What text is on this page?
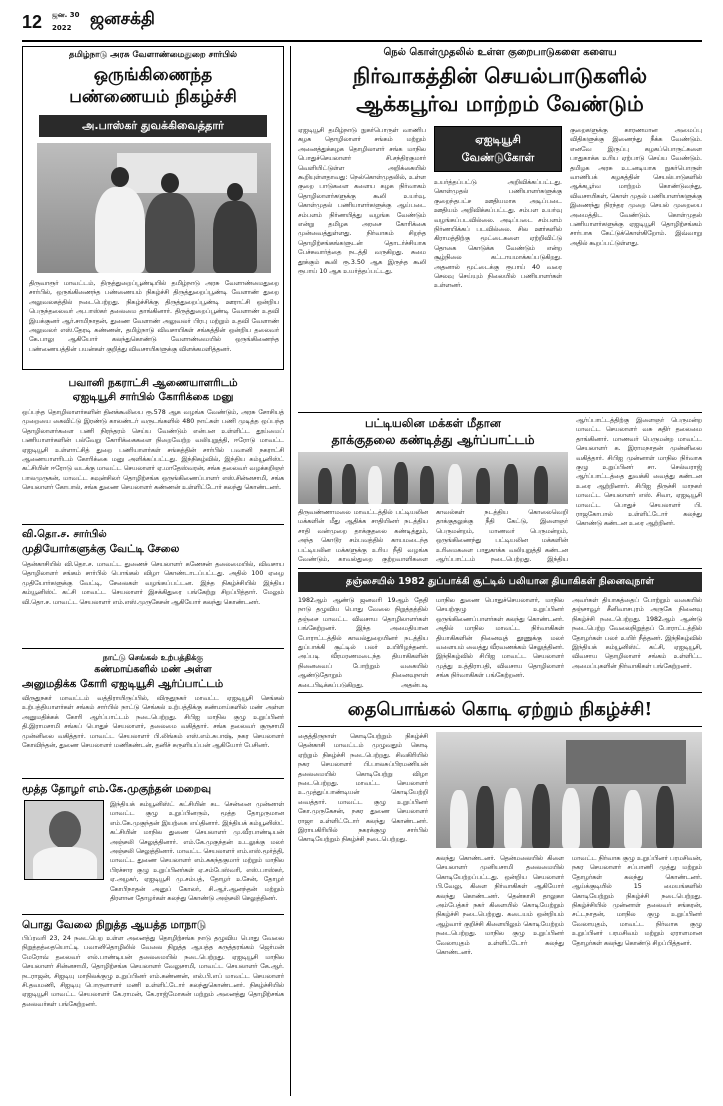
12	ஜன. 30
2022 ஜனசக்தி
தமிழ்நாடு அரசு வேளாண்மைதுறை சார்பில்
ஒருங்கிணைந்த
பண்ணையம் நிகழ்ச்சி
அ.பாஸ்கர் துவக்கிவைத்தார்
திருவாரூர் மாவட்டம், திருத்துறைப்பூண்டியில் தமிழ்நாடு அரசு வேளாண்மைதுறை சார்பில், ஒருங்கிணைந்த பண்ணையம் நிகழ்ச்சி திருத்துறைப்பூண்டி வேளாண் துறை அலுவலகத்தில் நடைபெற்றது. நிகழ்ச்சிக்கு திருத்துறைப்பூண்டி ஊராட்சி ஒன்றிய பெருந்தலைவர் அ.பாஸ்கர் தலைமை தாங்கினார். திருத்துறைப்பூண்டி வேளாண் உதவி இயக்குனர் ஆர்.சாமிநாதன், துணை வேளாண் அலுவலர் பிரபு மற்றும் உதவி வேளாண் அலுவலர் எஸ்.தேரடி கண்ணன், தமிழ்நாடு விவசாயிகள் சங்கத்தின் ஒன்றிய தலைவர் கே.பாலு ஆகியோர் கலந்துகொண்டு வேளாண்மையில் ஒருங்கிணைந்த பண்ணையத்தின் பயன்கள் குறித்து விவசாயிகளுக்கு விளக்கமளித்தனர்.
பவானி நகராட்சி ஆணையாளரிடம்
ஏஐடியூசி சார்பில் கோரிக்கை மனு
ஒப்பந்த தொழிலாளர்களின் தினக்கூலியை ரூ.578 ஆக வழங்க வேண்டும், அரசு சோசியத் முறையை கைவிட்டு இரண்டு காலண்டர் வருடங்களில் 480 நாட்கள் பணி முடித்த ஒப்பந்த தொழிலாளர்களை பணி நிரந்தரம் செய்ய வேண்டும் என்பன உள்ளிட்ட தூய்மைப் பணியாளர்களின் பல்வேறு கோரிக்கைகளை நிறைவேற்ற வலியுறுத்தி, ஈரோடு மாவட்ட ஏஐடியூசி உள்ளாட்சித் துறை பணியாளர்கள் சங்கத்தின் சார்பில் பவானி நகராட்சி ஆணையாளரிடம் கோரிக்கை மனு அளிக்கப்பட்டது. இந்நிகழ்வில், இந்திய கம்யூனிஸ்ட் கட்சியின் ஈரோடு வடக்கு மாவட்ட செயலாளர் ஏ.மாதேஸ்வரன், சங்க தலைவர் வழக்கறிஞர் பாலமுருகன், மாவட்ட கவுன்சிலர் தொழிற்சங்க ஒருங்கிணைப்பாளர் எஸ்.சின்னசாமி, சங்க செயலாளர் கோபால், சங்க துணை செயலாளர் கண்ணன் உள்ளிட்டோர் கலந்து கொண்டனர்.
வி.தொ.ச. சார்பில்
முதியோர்களுக்கு வேட்டி சேலை
தென்காசியில் வி.தொ.ச. மாவட்ட துணைச் செயலாளர் கணேசன் தலைமையில், விவசாய தொழிலாளர் சங்கம் சார்பில் பொங்கல் விழா கொண்டாடப்பட்டது. அதில் 100 ஏழை முதியோர்களுக்கு வேட்டி, சேலைகள் வழங்கப்பட்டன. இந்த நிகழ்ச்சியில் இந்திய கம்யூனிஸ்ட் கட்சி மாவட்ட செயலாளர் இசக்கிதுரை பங்கேற்று சிறப்பித்தார். மேலும் வி.தொ.ச. மாவட்ட செயலாளர் எம்.எஸ்.முருகேசன் ஆகியோர் கலந்து கொண்டனர்.
நாட்டு செங்கல் உற்பத்திக்கு
கண்மாய்களில் மண் அள்ள
அனுமதிக்க கோரி ஏஐடியூசி ஆர்ப்பாட்டம்
விருதுநகர் மாவட்டம் வத்திராயிருப்பில், விருதுநகர் மாவட்ட ஏஐடியூசி செங்கல் உற்பத்தியாளர்கள் சங்கம் சார்பில் நாட்டு செங்கல் உற்பத்திக்கு கண்மாய்களில் மண் அள்ள அனுமதிக்கக் கோரி ஆர்ப்பாட்டம் நடைபெற்றது. சிபிஐ மாநில குழு உறுப்பினர் தி.இராமசாமி சங்கப் பொதுச் செயலாளர், தலைமை வகித்தார். சங்க தலைவர் குருசாமி முன்னிலை வகித்தார். மாவட்ட செயலாளர் பி.லிங்கம் எஸ்.எம்.சுபாஷ், நகர செயலாளர் கோவிந்தன், துணை செயலாளர் மணிகண்டன், தனிச் சுருளியப்பன் ஆகியோர் பேசினர்.
மூத்த தோழர் எம்.கே.முகுந்தன் மறைவு
இந்தியக் கம்யூனிஸ்ட் கட்சியின் கட சென்னை முன்னாள் மாவட்ட குழு உறுப்பினரும், மூத்த தோழருமான எம்.கே.முகுந்தன் இயற்கை எய்தினார். இந்தியக் கம்யூனிஸ்ட் கட்சியின் மாநில துணை செயலாளர் மு.வீரபாண்டியன் அஞ்சலி செலுத்தினார். எம்.கே.முகுந்தன் உடலுக்கு மலர் அஞ்சலி செலுத்தினார். மாவட்ட செயலாளர் எம்.எஸ்.மூர்த்தி, மாவட்ட துணை செயலாளர் எம்.சுகந்தகுமார் மற்றும் மாநில பிரச்சார குழு உறுப்பினர்கள் ஏ.சம்பேஸ்வரி, எஸ்.பாஸ்கர், ஏ.அழகர், ஏஐடியூசி மு.சம்பத், தோழர் உசேன், தோழர் கோபிநாதன் அனுப் கோலர், சி.ஆர்.ஆனந்தன் மற்றும் திரளான தோழர்கள் கலந்து கொண்டு அஞ்சலி செலுத்தினர்.
பொது வேலை நிறுத்த ஆயத்த மாநாடு
பிப்ரவரி 23, 24 நடைபெற உள்ள அனைத்து தொழிற்சங்க நாடு தழுவிய பொது வேலை நிறுத்தத்தையொட்டி பவானிதொழிலில் வேலை நிறுத்த ஆயத்த கருத்தரங்கம் ஜெர்மன் மேரோவ் தலைவர் எல்.பாண்டியன் தலைமையில் நடைபெற்றது. ஏஐடியூசி மாநில செயலாளர் சின்னசாமி, தொழிற்சங்க செயலாளர் வேலுசாமி, மாவட்ட செயலாளர் கே.ஆர். நடராஜன், சிஐடியு மாநிலக்குழு உறுப்பினர் எம்.கண்ணன், எல்.பி.எப் மாவட்ட செயலாளர் சி.தவமணி, சிஐடியு பொருளாளர் மணி உள்ளிட்டோர் கலந்துகொண்டனர். நிகழ்ச்சியில் ஏஐடியூசி மாவட்ட செயலாளர் கே.ராமன், கே.ராஜ்மோகன் மற்றும் அனைத்து தொழிற்சங்க தலைவர்கள் பங்கேற்றனர்.
நெல் கொள்முதலில் உள்ள குறைபாடுகளை களைய
நிர்வாகத்தின் செயல்பாடுகளில்
ஆக்கபூர்வ மாற்றம் வேண்டும்
ஏஐடியூசி தமிழ்நாடு நுகர்பொருள் வாணிப கழக தொழிலாளர் சங்கம் மற்றும் அனைத்துக்கழக தொழிலாளர் சங்க மாநில பொதுச்செயலாளர் சி.சந்திரகுமார் வெளியிட்டுள்ள அறிக்கையில் கூறியுள்ளதாவது: நெல்கொள்முதலில், உள்ள குறை பாடுகளை களைய கழக நிர்வாகம் தொழிலாளர்களுக்கு கூலி உயர்வு, கொள்முதல் பணியாளர்களுக்கு ஆய்படை சம்பளம் நிர்ணயித்து வழங்க வேண்டும் என்று தமிழக அரசை கோரிக்கை முன்வைத்துள்ளது. நிர்வாகம் சிறந்த தொழிற்சங்கங்களுடன் தொடர்ச்சியாக பேச்சுவார்த்தை நடத்தி வருகிறது. சுமை தூக்கும் கூலி ரூ.3.50 ஆக இருந்த கூலி ரூபாய் 10 ஆக உயர்த்தப்பட்டது.
ஏஐடியூசி
வேண்டுகோள்
உயர்த்தப்பட்டு அறிவிக்கப்பட்டது. கொள்முதல் பணியாளர்களுக்கு குறைந்தபட்ச ஊதியமாக அடிப்படை ஊதியம் அறிவிக்கப்பட்டது. சம்பள உயர்வு வழங்கப்படவில்லை. அடிப்படை சம்பளம் நிர்ணயிக்கப் படவில்லை. சில ஊர்களில் கிராமத்திற்கு மூட்டைகளை ஏற்றிவிட்டு தொகை கொடுக்க வேண்டும் என்ற சூழ்நிலை கட்டாயமாக்கப்படுகிறது. அதனால் மூட்டைக்கு ரூபாய் 40 வரை செலவு செய்யும் நிலையில் பணியாளர்கள் உள்ளனர்.
குறைகளுக்கு காரணமான அமைப்பு விதிகளுக்கு இணைந்து நீக்க வேண்டும். எனவே இருப்பு கழகப்பொருட்களை பாதுகாக்க உரிய ஏற்பாடு செய்ய வேண்டும். தமிழக அரசு உடனடியாக நுகர்பொருள் வாணிபக் கழகத்தின் செயல்பாடுகளில் ஆக்கபூர்வ மாற்றம் கொண்டுவந்து, விவசாயிகள், கொள் முதல் பணியாளர்களுக்கு இணைந்து நிரந்தர முறை செயல் முறையை அமைத்திட வேண்டும். கொள்முதல் பணியாளர்களுக்கு ஏஐடியூசி தொழிற்சங்கம் சார்பாக கேட்டுக்கொள்கிறோம். இவ்வாறு அதில் கூறப்பட்டுள்ளது.
பட்டியலின மக்கள் மீதான
தாக்குதலை கண்டித்து ஆர்ப்பாட்டம்
திருவண்ணாமலை மாவட்டத்தில் பட்டியலின மக்களின் மீது ஆதிக்க சாதியினர் நடத்திய சாதி வன்முறை தாக்குதலை கண்டித்தும், அந்த கொடூர சம்பவத்தில் காயமடைந்த பட்டியலின மக்களுக்கு உரிய நீதி வழங்க வேண்டும், காவல்துறை குற்றவாளிகளை
காவல்கள் நடத்திய கொலைவெறி தாக்குதலுக்கு நீதி கேட்டு, இளைஞர் பெருமன்றம், மாணவர் பெருமன்றம், ஒருங்கிணைந்து பட்டியலின மக்களின் உரிமைகளை பாதுகாக்க வலியுறுத்தி கண்டன ஆர்ப்பாட்டம் நடைபெற்றது. இந்திய
ஆர்ப்பாட்டத்திற்கு இளைஞர் பெருமன்ற மாவட்ட செயலாளர் வசு கதிர் தலைமை தாங்கினார். மாணவர் பெருமன்ற மாவட்ட செயலாளர் க. இராமநாதன் முன்னிலை வகித்தார். சிபிஐ முன்னாள் மாநில நிர்வாக குழு உறுப்பினர் சா. செல்வராஜ் ஆர்ப்பாட்டத்தை துவக்கி வைத்து கண்டன உரை ஆற்றினார். சிபிஐ திருச்சி மாநகர் மாவட்ட செயலாளர் எஸ். சிவா, ஏஐடியூசி மாவட்ட பொதுச் செயலாளர் பி. ராஜகோபால் உள்ளிட்டோர் கலந்து கொண்டு கண்டன உரை ஆற்றினர்.
தஞ்சையில் 1982 துப்பாக்கி சூட்டில் பலியான தியாகிகள் நினைவுநாள்
1982ஆம் ஆண்டு ஜனவரி 19ஆம் தேதி நாடு தழுவிய பொது வேலை நிறுத்தத்தில் தஞ்சை மாவட்ட விவசாய தொழிலாளர்கள் பங்கேற்றனர். இந்த அமைதியான போராட்டத்தில் காவல்துறையினர் நடத்திய துப்பாக்கி சூட்டில் பலர் உயிரிழந்தனர். அப்படி வீரமரணமடைந்த தியாகிகளின் நினைவைப் போற்றும் வகையில் ஆண்டுதோறும் நினைவுநாள் கடைபிடிக்கப்படுகிறது. அதன்படி
மாநில துணை பொதுச்செயலாளர், மாநில செயற்குழு உறுப்பினர் ஒருங்கிணைப்பாளர்கள் கலந்து கொண்டனர். அதில் மாநில மாவட்ட நிர்வாகிகள் தியாகிகளின் நினைவுத் தூணுக்கு மலர் வளையம் வைத்து வீரவணக்கம் செலுத்தினர். இந்நிகழ்வில் சிபிஐ மாவட்ட செயலாளர் முத்து உத்திராபதி, விவசாய தொழிலாளர் சங்க நிர்வாகிகள் பங்கேற்றனர்.
அவர்கள் தியாகத்தைப் போற்றும் வகையில் தஞ்சாவூர் சீனிவாசபுரம் அருகே நினைவு நிகழ்ச்சி நடைபெற்றது. 1982ஆம் ஆண்டு நடைபெற்ற வேலைநிறுத்தப் போராட்டத்தில் தோழர்கள் பலர் உயிர் நீத்தனர். இந்நிகழ்வில் இந்தியக் கம்யூனிஸ்ட் கட்சி, ஏஐடியூசி, விவசாய தொழிலாளர் சங்கம் உள்ளிட்ட அமைப்புகளின் நிர்வாகிகள் பங்கேற்றனர்.
தைபொங்கல் கொடி ஏற்றும் நிகழ்ச்சி!
தைத்திருநாள் கொடியேற்றும் நிகழ்ச்சி தென்காசி மாவட்டம் முழுவதும் கொடி ஏற்றும் நிகழ்ச்சி நடைபெற்றது. சிவகிரியில் நகர செயலாளர் பி.பாலசுப்பிரமணியன் தலைமையில் கொடியேற்று விழா நடைபெற்றது. மாவட்ட செயலாளர் உ.முத்துப்பாண்டியன் கொடியேற்றி வைத்தார். மாவட்ட குழு உறுப்பினர் கோ.முருகேசன், நகர துணை செயலாளர் ராஜா உள்ளிட்டோர் கலந்து கொண்டனர். இராயகிரியில் நகரக்குழு சார்பில் கொடியேற்றும் நிகழ்ச்சி நடைபெற்றது.
கலந்து கொண்டனர். தென்மலையில் கிளை செயலாளர் முனியசாமி தலைமையில் கொடியேற்றப்பட்டது. ஒன்றிய செயலாளர் பி.வேலு, கிளை நிர்வாகிகள் ஆகியோர் கலந்து கொண்டனர். தென்காசி தாலுகா அம்பேத்கர் நகர் கிளையில் கொடியேற்றும் நிகழ்ச்சி நடைபெற்றது. கடையம் ஒன்றியம் ஆழ்வார் குறிச்சி கிளையிலும் கொடியேற்றம் நடைபெற்றது. மாநில குழு உறுப்பினர் வேலாயுதம் உள்ளிட்டோர் கலந்து கொண்டனர்.
மாவட்ட நிர்வாக குழு உறுப்பினர் பரமசிவன், நகர செயலாளர் சப்பாணி முத்து மற்றும் தோழர்கள் கலந்து கொண்டனர். ஆய்க்குடியில் 15 மையங்களில் கொடியேற்றும் நிகழ்ச்சி நடைபெற்றது. நிகழ்ச்சியில் முன்னாள் தலைவர் சங்கரன், சட்டநாதன், மாநில குழு உறுப்பினர் வேலாயுதம், மாவட்ட நிர்வாக குழு உறுப்பினர் பரமசிவம் மற்றும் ஏராளமான தோழர்கள் கலந்து கொண்டு சிறப்பித்தனர்.
